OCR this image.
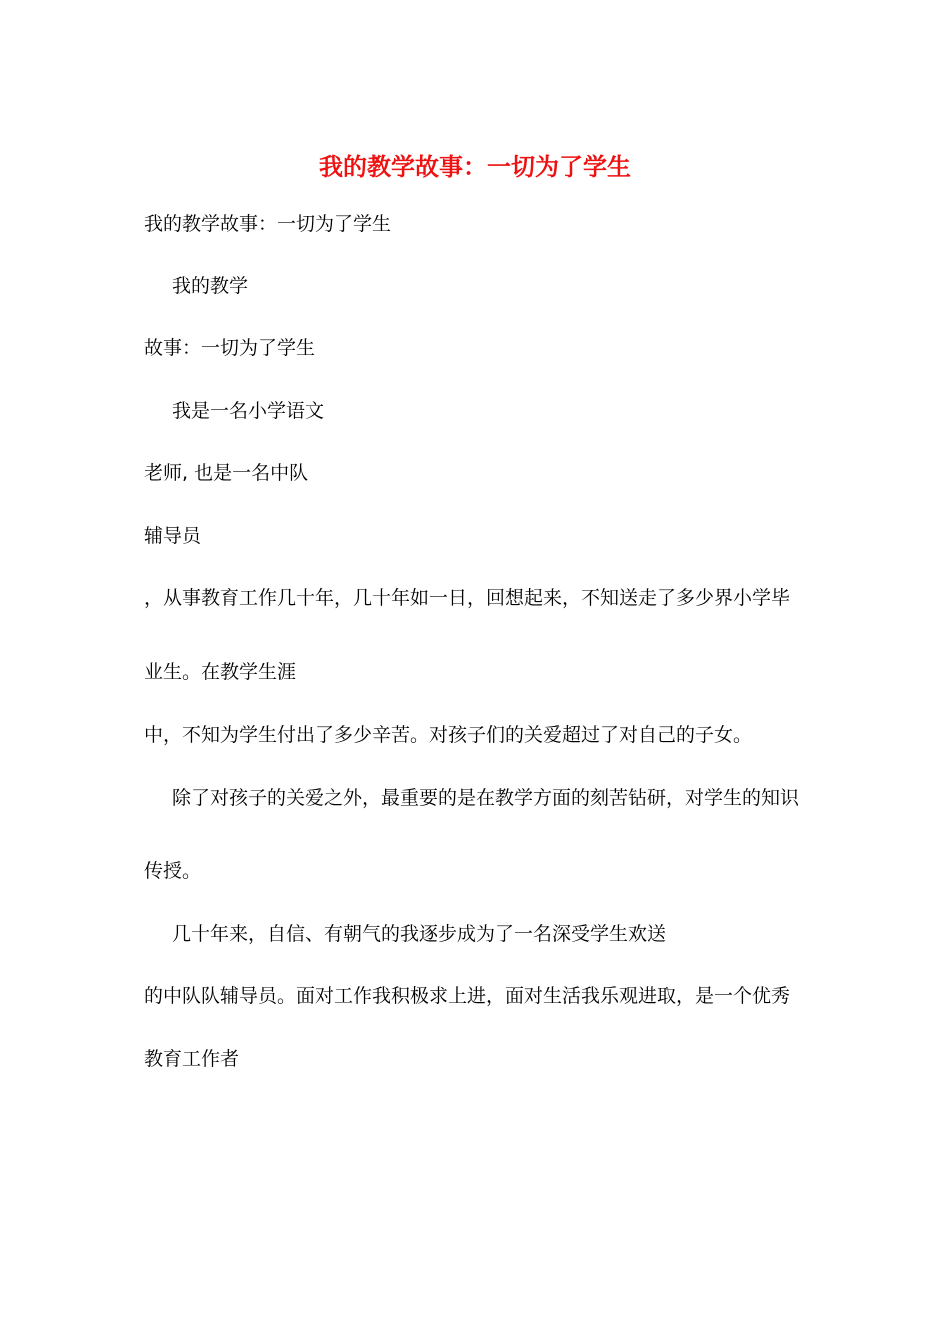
我的教学故事：一切为了学生

我的教学故事：一切为了学生

我的教学

故事：一切为了学生

我是一名小学语文

老师, 也是一名中队

辅导员

，从事教育工作几十年，几十年如一日，回想起来，不知送走了多少界小学毕

业生。在教学生涯

中，不知为学生付出了多少辛苦。对孩子们的关爱超过了对自己的子女。

除了对孩子的关爱之外，最重要的是在教学方面的刻苦钻研，对学生的知识

传授。

几十年来，自信、有朝气的我逐步成为了一名深受学生欢送

的中队队辅导员。面对工作我积极求上进，面对生活我乐观进取，是一个优秀

教育工作者
